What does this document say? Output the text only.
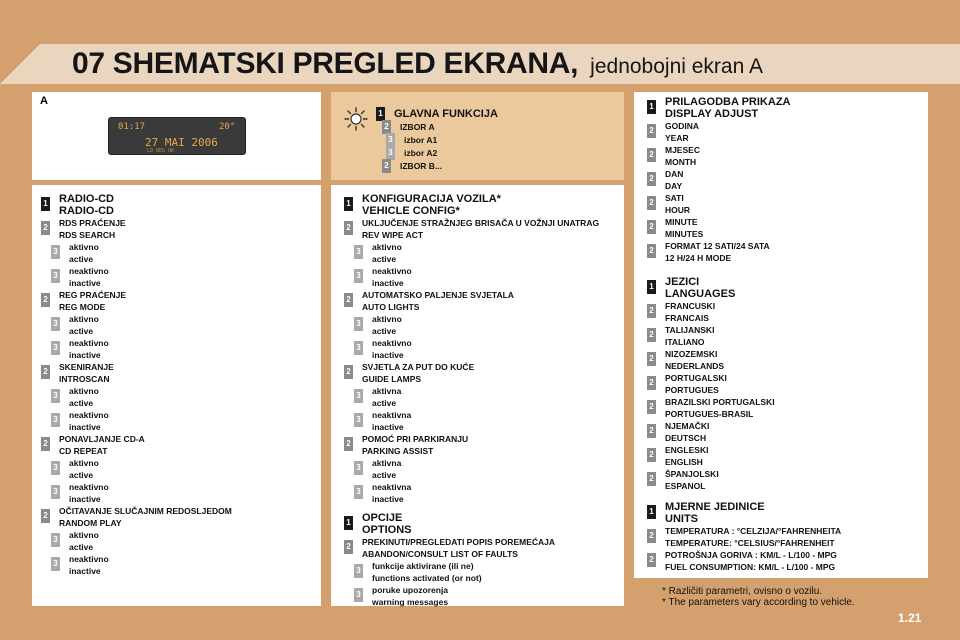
07 SHEMATSKI PREGLED EKRANA, jednobojni ekran A
A
01:17	20°
27 MAI 2006
LD REG UK
1 RADIO-CD
RADIO-CD
2 RDS PRAĆENJE
RDS SEARCH
3 aktivno
active
3 neaktivno
inactive
2 REG PRAĆENJE
REG MODE
3 aktivno
active
3 neaktivno
inactive
2 SKENIRANJE
INTROSCAN
3 aktivno
active
3 neaktivno
inactive
2 PONAVLJANJE CD-A
CD REPEAT
3 aktivno
active
3 neaktivno
inactive
2 OČITAVANJE SLUČAJNIM REDOSLJEDOM
RANDOM PLAY
3 aktivno
active
3 neaktivno
inactive
1 GLAVNA FUNKCIJA
2 IZBOR A
3 izbor A1
3 izbor A2
2 IZBOR B...
1 KONFIGURACIJA VOZILA*
VEHICLE CONFIG*
2 UKLJUČENJE STRAŽNJEG BRISAČA U VOŽNJI UNATRAG
REV WIPE ACT
3 aktivno
active
3 neaktivno
inactive
2 AUTOMATSKO PALJENJE SVJETALA
AUTO LIGHTS
3 aktivno
active
3 neaktivno
inactive
2 SVJETLA ZA PUT DO KUĆE
GUIDE LAMPS
3 aktivna
active
3 neaktivna
inactive
2 POMOĆ PRI PARKIRANJU
PARKING ASSIST
3 aktivna
active
3 neaktivna
inactive
1 OPCIJE
OPTIONS
2 PREKINUTI/PREGLEDATI POPIS POREMEĆAJA
ABANDON/CONSULT LIST OF FAULTS
3 funkcije aktivirane (ili ne)
functions activated (or not)
3 poruke upozorenja
warning messages
1 PRILAGODBA PRIKAZA
DISPLAY ADJUST
2 GODINA
YEAR
2 MJESEC
MONTH
2 DAN
DAY
2 SATI
HOUR
2 MINUTE
MINUTES
2 FORMAT 12 SATI/24 SATA
12 H/24 H MODE
1 JEZICI
LANGUAGES
2 FRANCUSKI
FRANCAIS
2 TALIJANSKI
ITALIANO
2 NIZOZEMSKI
NEDERLANDS
2 PORTUGALSKI
PORTUGUES
2 BRAZILSKI PORTUGALSKI
PORTUGUES-BRASIL
2 NJEMAČKI
DEUTSCH
2 ENGLESKI
ENGLISH
2 ŠPANJOLSKI
ESPANOL
1 MJERNE JEDINICE
UNITS
2 TEMPERATURA : °CELZIJA/°FAHRENHEITA
TEMPERATURE: °CELSIUS/°FAHRENHEIT
2 POTROŠNJA GORIVA : KM/L - L/100 - MPG
FUEL CONSUMPTION: KM/L - L/100 - MPG
* Različiti parametri, ovisno o vozilu.
* The parameters vary according to vehicle.
1.21
